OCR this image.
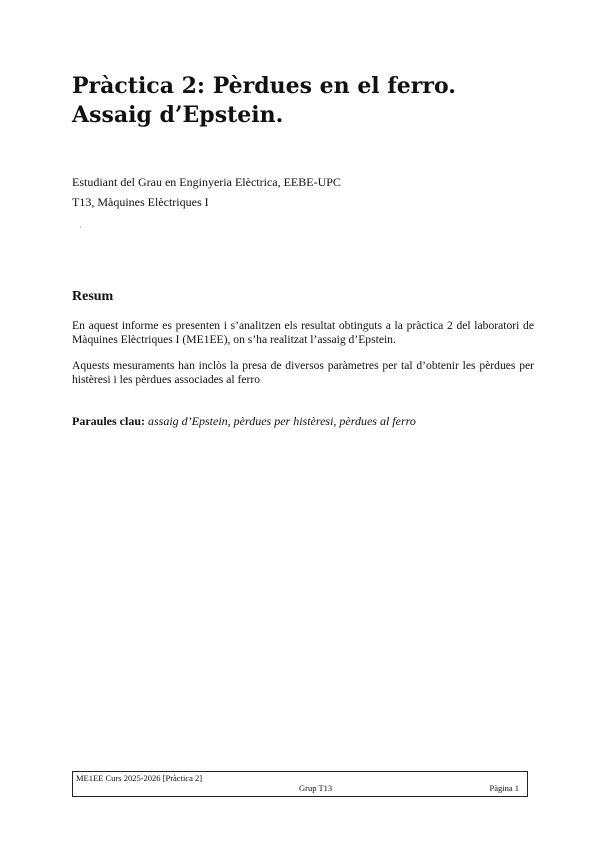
Pràctica 2: Pèrdues en el ferro. Assaig d’Epstein.
Estudiant del Grau en Enginyeria Elèctrica, EEBE-UPC
T13, Màquines Elèctriques I
·
Resum
En aquest informe es presenten i s’analitzen els resultat obtinguts a la pràctica 2 del laboratori de Màquines Elèctriques I (ME1EE), on s’ha realitzat l’assaig d’Epstein.
Aquests mesuraments han inclòs la presa de diversos paràmetres per tal d’obtenir les pèrdues per histèresi i les pèrdues associades al ferro
Paraules clau: assaig d’Epstein, pèrdues per histèresi, pèrdues al ferro
ME1EE Curs 2025-2026 [Pràctica 2]
Grup T13	Pàgina 1
